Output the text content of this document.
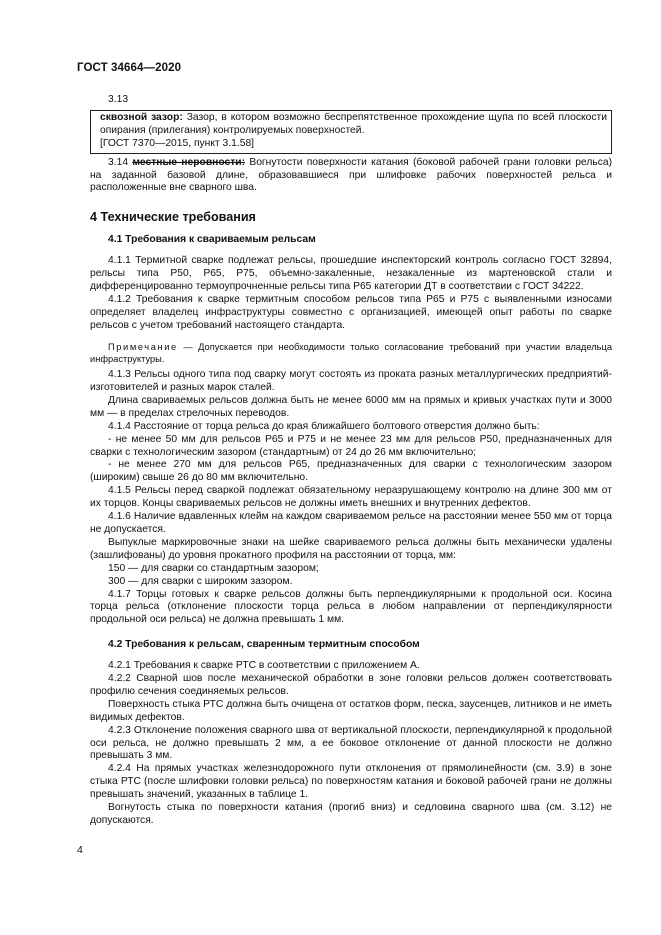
ГОСТ 34664—2020

3.13

сквозной зазор: Зазор, в котором возможно беспрепятственное прохождение щупа по всей плоскости опирания (прилегания) контролируемых поверхностей.

[ГОСТ 7370—2015, пункт 3.1.58]

3.14 местные неровности: Вогнутости поверхности катания (боковой рабочей грани головки рельса) на заданной базовой длине, образовавшиеся при шлифовке рабочих поверхностей рельса и расположенные вне сварного шва.

4 Технические требования
4.1 Требования к свариваемым рельсам

4.1.1 Термитной сварке подлежат рельсы, прошедшие инспекторский контроль согласно ГОСТ 32894, рельсы типа Р50, Р65, Р75, объемно-закаленные, незакаленные из мартеновской стали и дифференцированно термоупрочненные рельсы типа Р65 категории ДТ в соответствии с ГОСТ 34222.

4.1.2 Требования к сварке термитным способом рельсов типа Р65 и Р75 с выявленными износами определяет владелец инфраструктуры совместно с организацией, имеющей опыт работы по сварке рельсов с учетом требований настоящего стандарта.

Примечание — Допускается при необходимости только согласование требований при участии владельца инфраструктуры.

4.1.3 Рельсы одного типа под сварку могут состоять из проката разных металлургических предприятий-изготовителей и разных марок сталей.

Длина свариваемых рельсов должна быть не менее 6000 мм на прямых и кривых участках пути и 3000 мм — в пределах стрелочных переводов.

4.1.4 Расстояние от торца рельса до края ближайшего болтового отверстия должно быть:

- не менее 50 мм для рельсов Р65 и Р75 и не менее 23 мм для рельсов Р50, предназначенных для сварки с технологическим зазором (стандартным) от 24 до 26 мм включительно;

- не менее 270 мм для рельсов Р65, предназначенных для сварки с технологическим зазором (широким) свыше 26 до 80 мм включительно.

4.1.5 Рельсы перед сваркой подлежат обязательному неразрушающему контролю на длине 300 мм от их торцов. Концы свариваемых рельсов не должны иметь внешних и внутренних дефектов.

4.1.6 Наличие вдавленных клейм на каждом свариваемом рельсе на расстоянии менее 550 мм от торца не допускается.

Выпуклые маркировочные знаки на шейке свариваемого рельса должны быть механически удалены (зашлифованы) до уровня прокатного профиля на расстоянии от торца, мм:

150 — для сварки со стандартным зазором;

300 — для сварки с широким зазором.

4.1.7 Торцы готовых к сварке рельсов должны быть перпендикулярными к продольной оси. Косина торца рельса (отклонение плоскости торца рельса в любом направлении от перпендикулярности продольной оси рельса) не должна превышать 1 мм.

4.2 Требования к рельсам, сваренным термитным способом

4.2.1 Требования к сварке РТС в соответствии с приложением А.

4.2.2 Сварной шов после механической обработки в зоне головки рельсов должен соответствовать профилю сечения соединяемых рельсов.

Поверхность стыка РТС должна быть очищена от остатков форм, песка, заусенцев, литников и не иметь видимых дефектов.

4.2.3 Отклонение положения сварного шва от вертикальной плоскости, перпендикулярной к продольной оси рельса, не должно превышать 2 мм, а ее боковое отклонение от данной плоскости не должно превышать 3 мм.

4.2.4 На прямых участках железнодорожного пути отклонения от прямолинейности (см. 3.9) в зоне стыка РТС (после шлифовки головки рельса) по поверхностям катания и боковой рабочей грани не должны превышать значений, указанных в таблице 1.

Вогнутость стыка по поверхности катания (прогиб вниз) и седловина сварного шва (см. 3.12) не допускаются.

4
